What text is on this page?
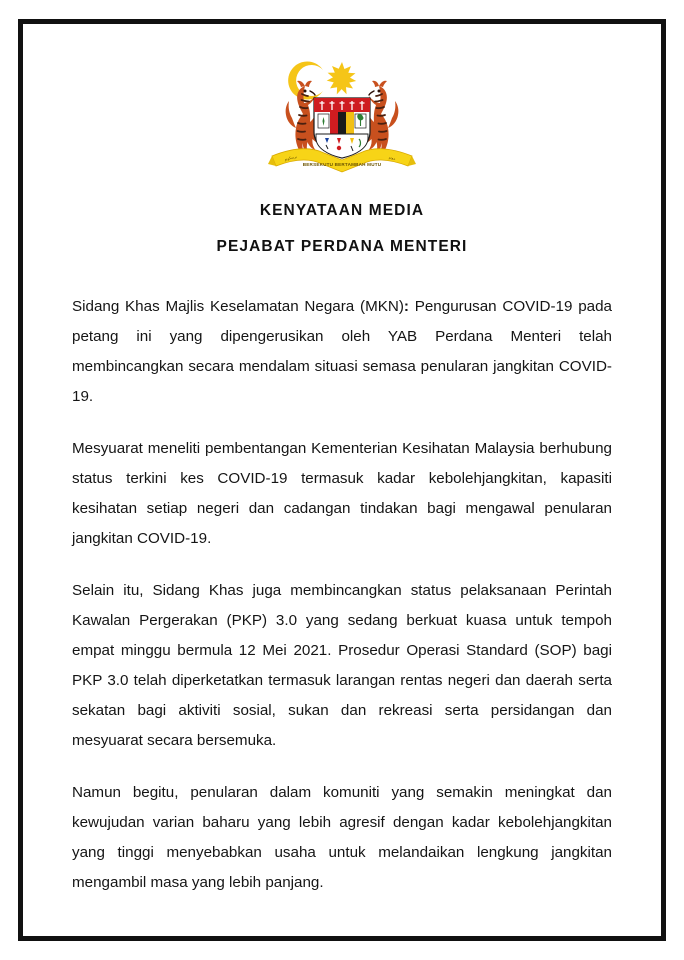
BERSEKUTU BERTAMBAH MUTU
برسكوتو	موتو
KENYATAAN MEDIA
PEJABAT PERDANA MENTERI

Sidang Khas Majlis Keselamatan Negara (MKN): Pengurusan COVID-19 pada petang ini yang dipengerusikan oleh YAB Perdana Menteri telah membincangkan secara mendalam situasi semasa penularan jangkitan COVID-19.

Mesyuarat meneliti pembentangan Kementerian Kesihatan Malaysia berhubung status terkini kes COVID-19 termasuk kadar kebolehjangkitan, kapasiti kesihatan setiap negeri dan cadangan tindakan bagi mengawal penularan jangkitan COVID-19.

Selain itu, Sidang Khas juga membincangkan status pelaksanaan Perintah Kawalan Pergerakan (PKP) 3.0 yang sedang berkuat kuasa untuk tempoh empat minggu bermula 12 Mei 2021. Prosedur Operasi Standard (SOP) bagi PKP 3.0 telah diperketatkan termasuk larangan rentas negeri dan daerah serta sekatan bagi aktiviti sosial, sukan dan rekreasi serta persidangan dan mesyuarat secara bersemuka.

Namun begitu, penularan dalam komuniti yang semakin meningkat dan kewujudan varian baharu yang lebih agresif dengan kadar kebolehjangkitan yang tinggi menyebabkan usaha untuk melandaikan lengkung jangkitan mengambil masa yang lebih panjang.
